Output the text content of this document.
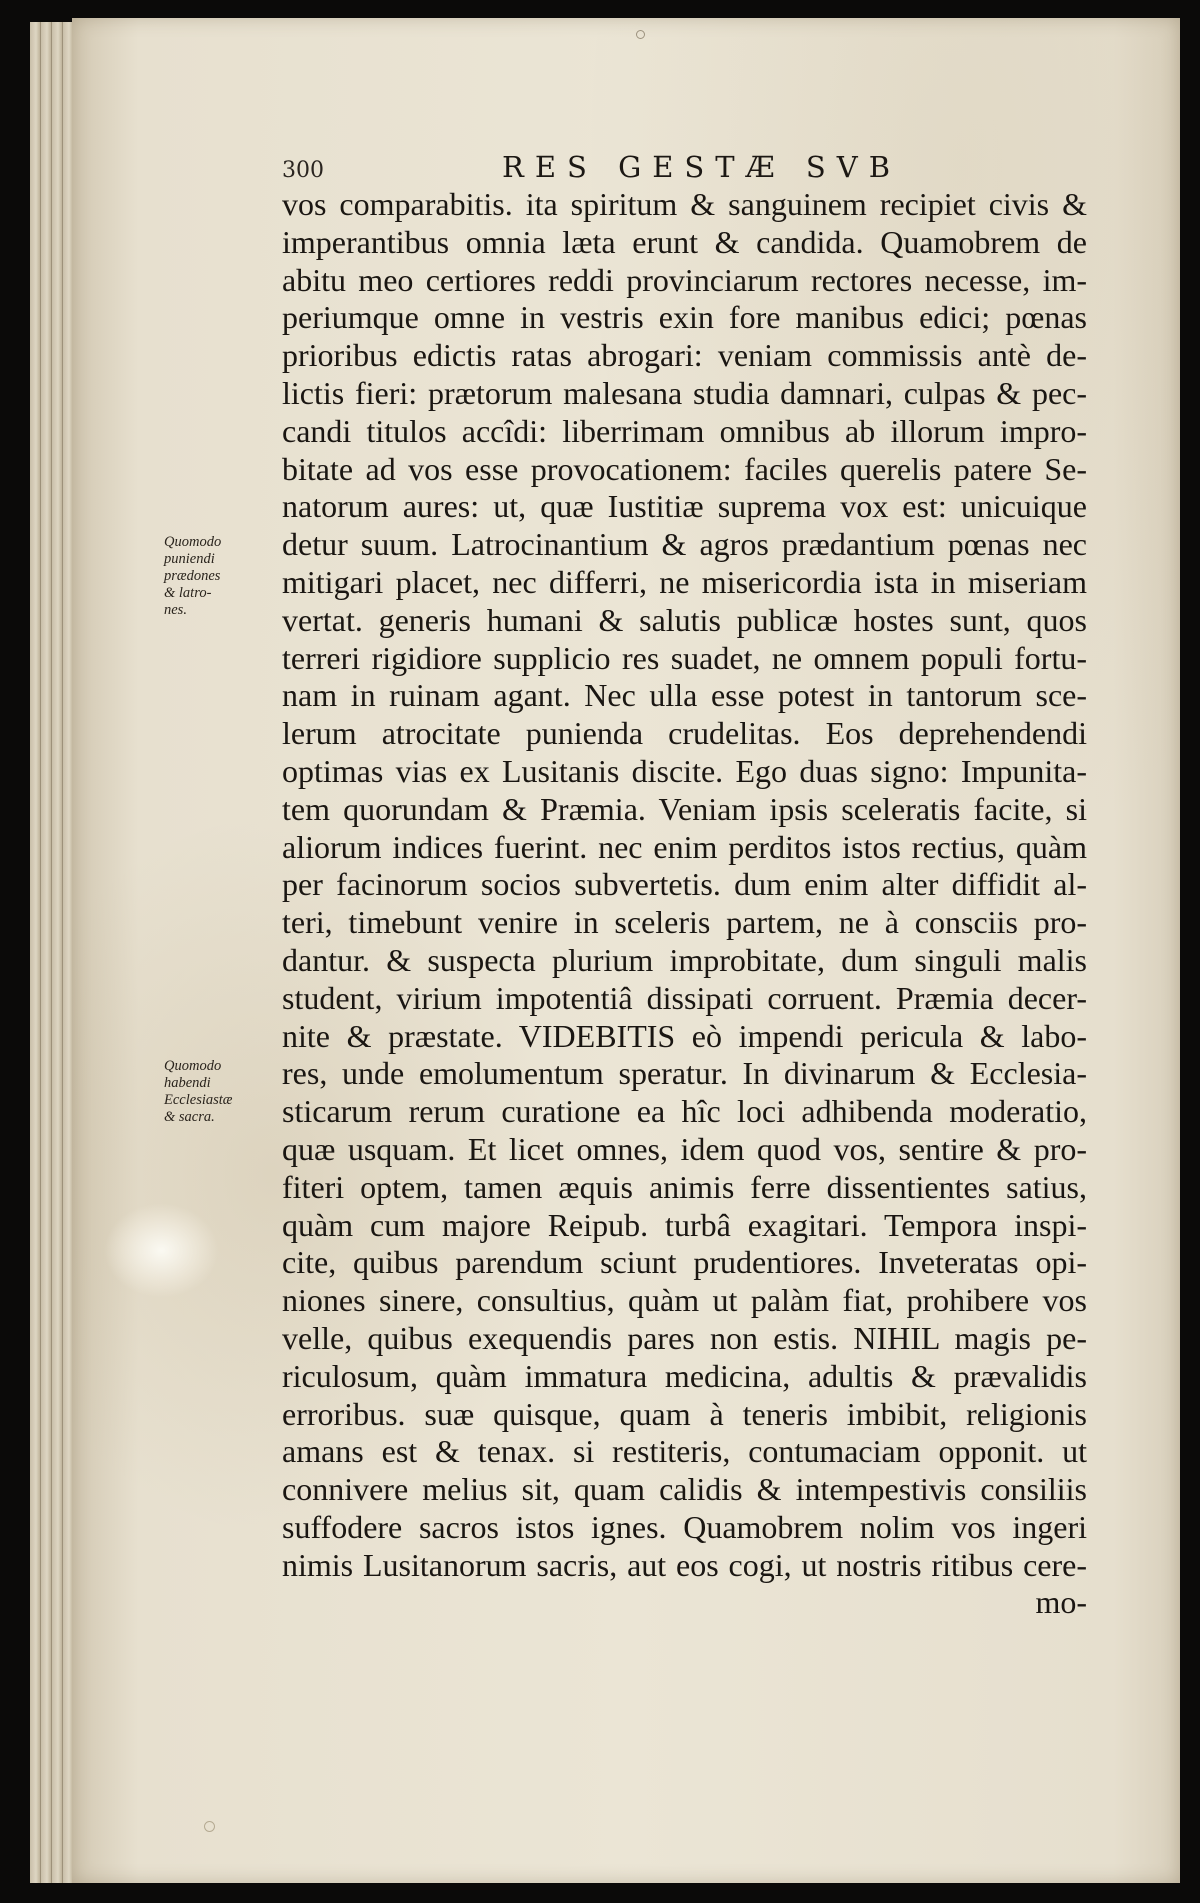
300	RES GESTÆ SVB
Quomodo
puniendi
prædones
& latro-
nes.
Quomodo
habendi
Ecclesiastæ
& sacra.
vos comparabitis. ita spiritum & sanguinem recipiet civis &
imperantibus omnia læta erunt & candida. Quamobrem de
abitu meo certiores reddi provinciarum rectores necesse, im-
periumque omne in vestris exin fore manibus edici; pœnas
prioribus edictis ratas abrogari: veniam commissis antè de-
lictis fieri: prætorum malesana studia damnari, culpas & pec-
candi titulos accîdi: liberrimam omnibus ab illorum impro-
bitate ad vos esse provocationem: faciles querelis patere Se-
natorum aures: ut, quæ Iustitiæ suprema vox est: unicuique
detur suum. Latrocinantium & agros prædantium pœnas nec
mitigari placet, nec differri, ne misericordia ista in miseriam
vertat. generis humani & salutis publicæ hostes sunt, quos
terreri rigidiore supplicio res suadet, ne omnem populi fortu-
nam in ruinam agant. Nec ulla esse potest in tantorum sce-
lerum atrocitate punienda crudelitas. Eos deprehendendi
optimas vias ex Lusitanis discite. Ego duas signo: Impunita-
tem quorundam & Præmia. Veniam ipsis sceleratis facite, si
aliorum indices fuerint. nec enim perditos istos rectius, quàm
per facinorum socios subvertetis. dum enim alter diffidit al-
teri, timebunt venire in sceleris partem, ne à consciis pro-
dantur. & suspecta plurium improbitate, dum singuli malis
student, virium impotentiâ dissipati corruent. Præmia decer-
nite & præstate. VIDEBITIS eò impendi pericula & labo-
res, unde emolumentum speratur. In divinarum & Ecclesia-
sticarum rerum curatione ea hîc loci adhibenda moderatio,
quæ usquam. Et licet omnes, idem quod vos, sentire & pro-
fiteri optem, tamen æquis animis ferre dissentientes satius,
quàm cum majore Reipub. turbâ exagitari. Tempora inspi-
cite, quibus parendum sciunt prudentiores. Inveteratas opi-
niones sinere, consultius, quàm ut palàm fiat, prohibere vos
velle, quibus exequendis pares non estis. NIHIL magis pe-
riculosum, quàm immatura medicina, adultis & prævalidis
erroribus. suæ quisque, quam à teneris imbibit, religionis
amans est & tenax. si restiteris, contumaciam opponit. ut
connivere melius sit, quam calidis & intempestivis consiliis
suffodere sacros istos ignes. Quamobrem nolim vos ingeri
nimis Lusitanorum sacris, aut eos cogi, ut nostris ritibus cere-
mo-
